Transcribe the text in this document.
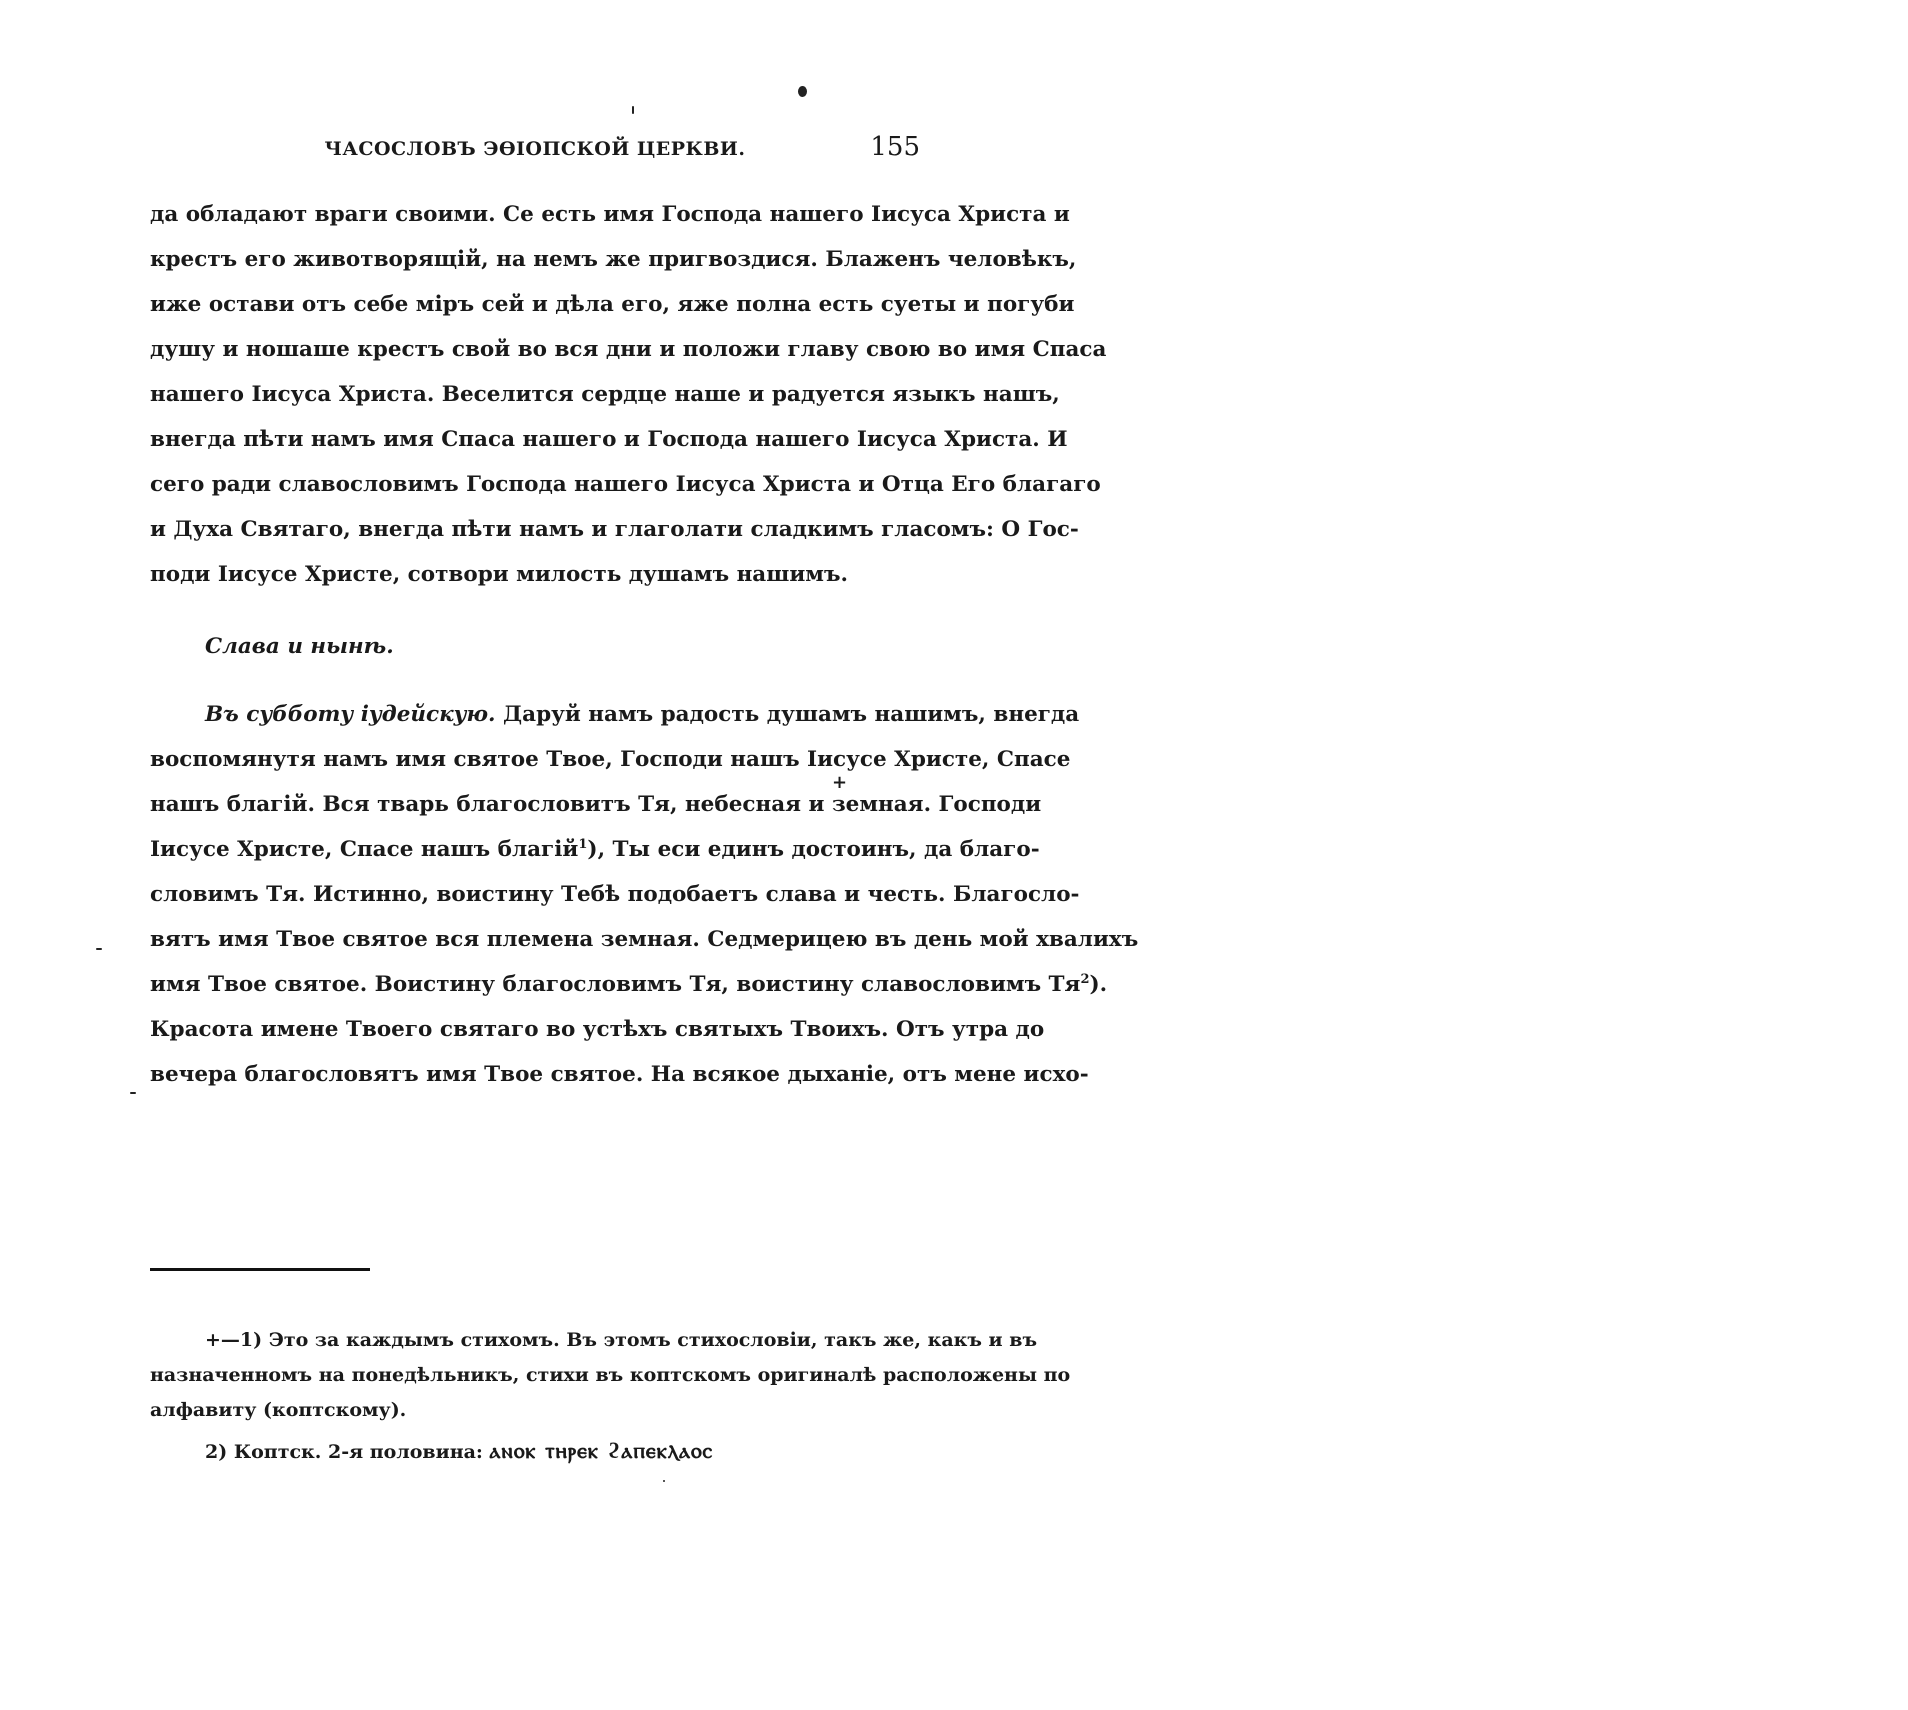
ЧАСОСЛОВЪ ЭѲІОПСКОЙ ЦЕРКВИ.	155
да обладают враги своими. Се есть имя Господа нашего Іисуса Христа и
крестъ его животворящій, на немъ же пригвоздися. Блаженъ человѣкъ,
иже остави отъ себе міръ сей и дѣла его, яже полна есть суеты и погуби
душу и ношаше крестъ свой во вся дни и положи главу свою во имя Спаса
нашего Іисуса Христа. Веселится сердце наше и радуется языкъ нашъ,
внегда пѣти намъ имя Спаса нашего и Господа нашего Іисуса Христа. И
сего ради славословимъ Господа нашего Іисуса Христа и Отца Его благаго
и Духа Святаго, внегда пѣти намъ и глаголати сладкимъ гласомъ: О Гос-
поди Іисусе Христе, сотвори милость душамъ нашимъ.
Слава и нынѣ.
Въ субботу іудейскую. Даруй намъ радость душамъ нашимъ, внегда
воспомянутя намъ имя святое Твое, Господи нашъ Іисусе Христе, Спасе
+
нашъ благій. Вся тварь благословитъ Тя, небесная и земная. Господи
Іисусе Христе, Спасе нашъ благій$^1$), Ты еси единъ достоинъ, да благо-
словимъ Тя. Истинно, воистину Тебѣ подобаетъ слава и честь. Благосло-
вятъ имя Твое святое вся племена земная. Седмерицею въ день мой хвалихъ
имя Твое святое. Воистину благословимъ Тя, воистину славословимъ $Тя^2$).
Красота имене Твоего святаго во устѣхъ святыхъ Твоихъ. Отъ утра до
вечера благословятъ имя Твое святое. На всякое дыханіе, отъ мене исхо-
+—1) Это за каждымъ стихомъ. Въ этомъ стихословіи, такъ же, какъ и въ
назначенномъ на понедѣльникъ, стихи въ коптскомъ оригиналѣ расположены по
алфавиту (коптскому).
2) Коптск. 2-я половина: ⲁⲛⲟⲕ ⲧⲏⲣⲉⲕ ϩⲁⲡⲉⲕⲗⲁⲟⲥ
